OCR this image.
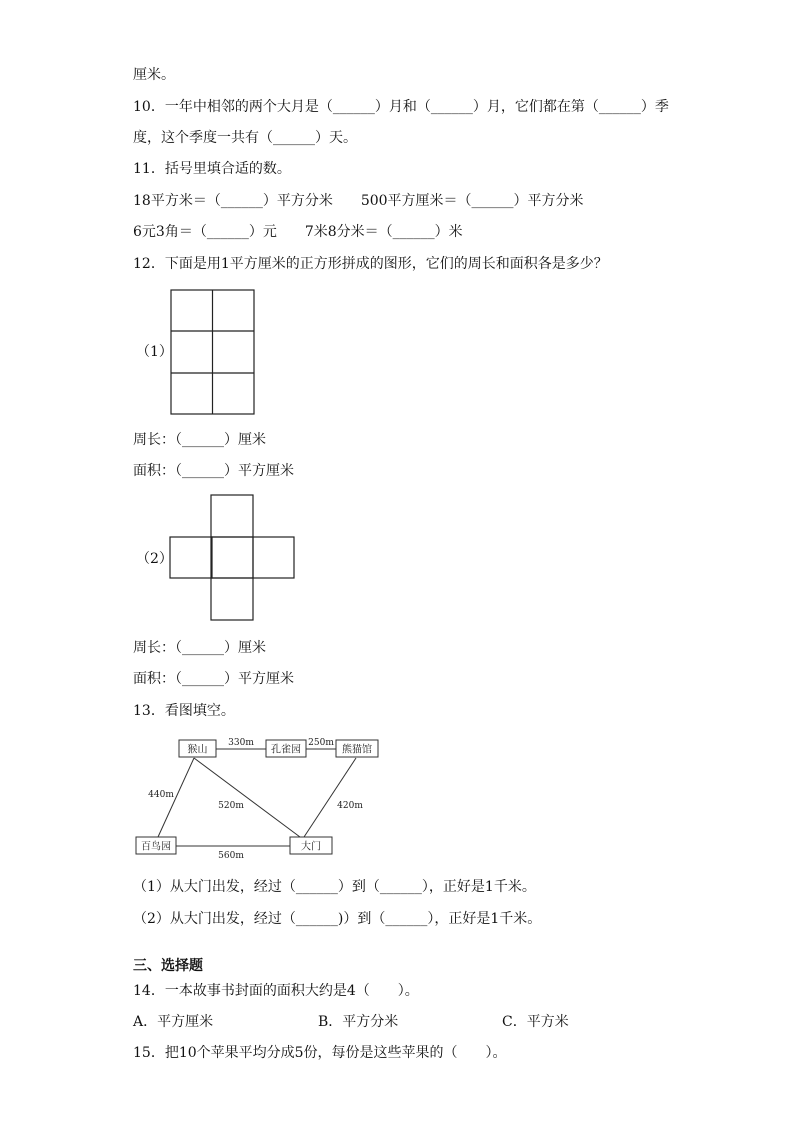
厘米。
10．一年中相邻的两个大月是（______）月和（______）月，它们都在第（______）季
度，这个季度一共有（______）天。
11．括号里填合适的数。
18平方米＝（______）平方分米 500平方厘米＝（______）平方分米
6元3角＝（______）元 7米8分米＝（______）米
12．下面是用1平方厘米的正方形拼成的图形，它们的周长和面积各是多少？
（1）
周长：（______）厘米
面积：（______）平方厘米
（2）
周长：（______）厘米
面积：（______）平方厘米
13．看图填空。
猴山	孔雀园	熊猫馆
百鸟园	大门
330m	250m
440m
520m	420m
560m
（1）从大门出发，经过（______）到（______），正好是1千米。
（2）从大门出发，经过（______)）到（______），正好是1千米。
三、选择题
14．一本故事书封面的面积大约是4（　　）。
A．平方厘米	B．平方分米	C．平方米
15．把10个苹果平均分成5份，每份是这些苹果的（　　）。
